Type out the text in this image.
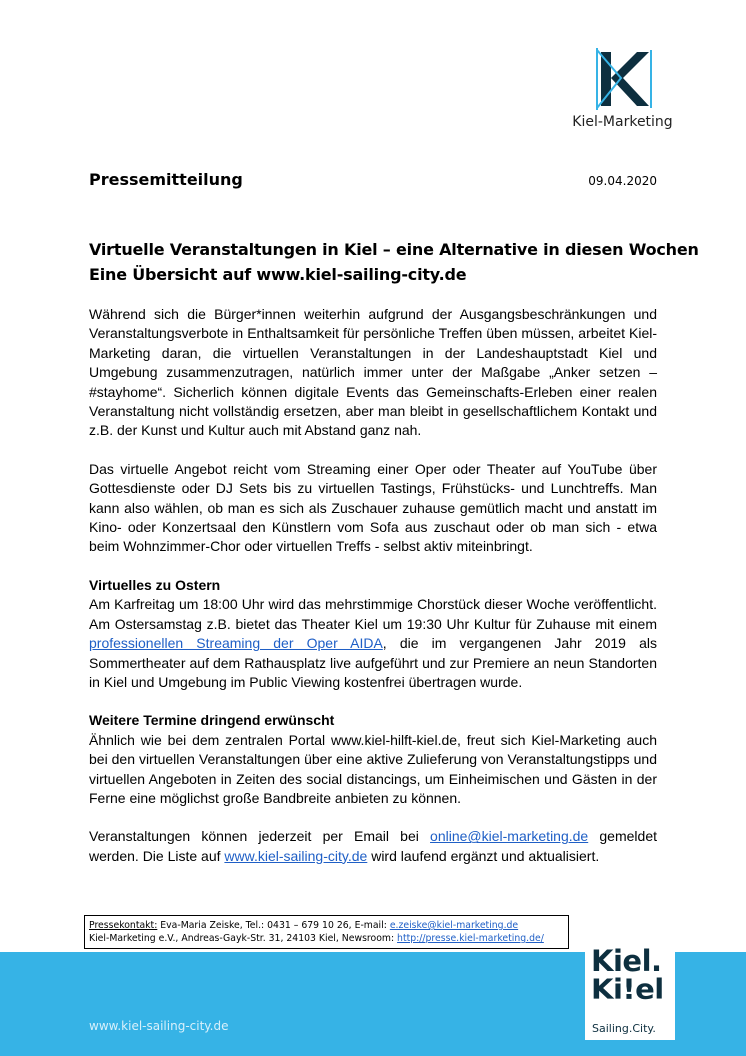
Kiel-Marketing
Pressemitteilung	09.04.2020
Virtuelle Veranstaltungen in Kiel – eine Alternative in diesen Wochen
Eine Übersicht auf www.kiel-sailing-city.de

Während sich die Bürger*innen weiterhin aufgrund der Ausgangsbeschränkungen und Veranstaltungsverbote in Enthaltsamkeit für persönliche Treffen üben müssen, arbeitet Kiel-Marketing daran, die virtuellen Veranstaltungen in der Landeshauptstadt Kiel und Umgebung zusammenzutragen, natürlich immer unter der Maßgabe „Anker setzen – #stayhome“. Sicherlich können digitale Events das Gemeinschafts-Erleben einer realen Veranstaltung nicht vollständig ersetzen, aber man bleibt in gesellschaftlichem Kontakt und z.B. der Kunst und Kultur auch mit Abstand ganz nah.

Das virtuelle Angebot reicht vom Streaming einer Oper oder Theater auf YouTube über Gottesdienste oder DJ Sets bis zu virtuellen Tastings, Frühstücks- und Lunchtreffs. Man kann also wählen, ob man es sich als Zuschauer zuhause gemütlich macht und anstatt im Kino- oder Konzertsaal den Künstlern vom Sofa aus zuschaut oder ob man sich - etwa beim Wohnzimmer-Chor oder virtuellen Treffs - selbst aktiv miteinbringt.

Virtuelles zu Ostern

Am Karfreitag um 18:00 Uhr wird das mehrstimmige Chorstück dieser Woche veröffentlicht. Am Ostersamstag z.B. bietet das Theater Kiel um 19:30 Uhr Kultur für Zuhause mit einem professionellen Streaming der Oper AIDA, die im vergangenen Jahr 2019 als Sommertheater auf dem Rathausplatz live aufgeführt und zur Premiere an neun Standorten in Kiel und Umgebung im Public Viewing kostenfrei übertragen wurde.

Weitere Termine dringend erwünscht

Ähnlich wie bei dem zentralen Portal www.kiel-hilft-kiel.de, freut sich Kiel-Marketing auch bei den virtuellen Veranstaltungen über eine aktive Zulieferung von Veranstaltungstipps und virtuellen Angeboten in Zeiten des social distancings, um Einheimischen und Gästen in der Ferne eine möglichst große Bandbreite anbieten zu können.

Veranstaltungen können jederzeit per Email bei online@kiel-marketing.de gemeldet werden. Die Liste auf www.kiel-sailing-city.de wird laufend ergänzt und aktualisiert.

Pressekontakt: Eva-Maria Zeiske, Tel.: 0431 – 679 10 26, E-mail: e.zeiske@kiel-marketing.de
Kiel-Marketing e.V., Andreas-Gayk-Str. 31, 24103 Kiel, Newsroom: http://presse.kiel-marketing.de/
www.kiel-sailing-city.de
Kiel.
Ki!el
Sailing.City.
